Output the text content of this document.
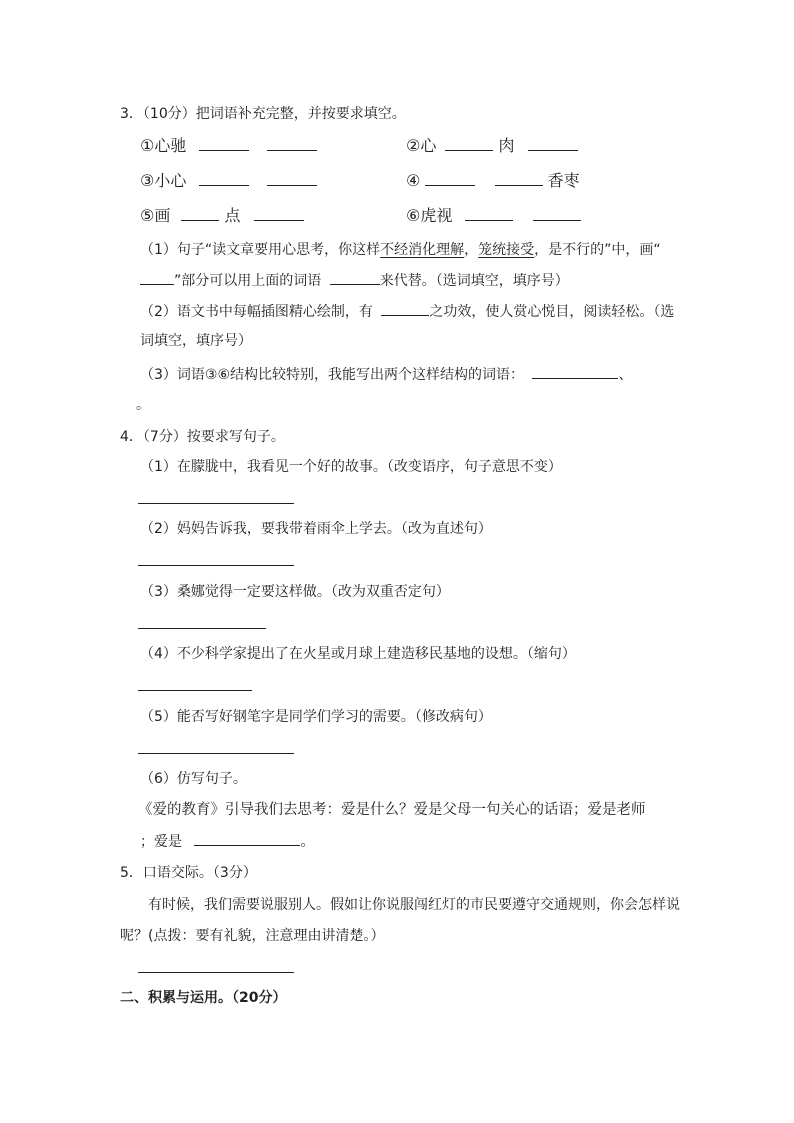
3．（10分）把词语补充完整，并按要求填空。
①心驰	②心	肉
③小心	④	香枣
⑤画	点	⑥虎视
（1）句子“读文章要用心思考，你这样不经消化理解，笼统接受，是不行的”中，画“
”部分可以用上面的词语	来代替。（选词填空，填序号）
（2）语文书中每幅插图精心绘制，有	之功效，使人赏心悦目，阅读轻松。（选
词填空，填序号）
（3）词语③⑥结构比较特别，我能写出两个这样结构的词语：	、
。
4．（7分）按要求写句子。
（1）在朦胧中，我看见一个好的故事。（改变语序，句子意思不变）
（2）妈妈告诉我，要我带着雨伞上学去。（改为直述句）
（3）桑娜觉得一定要这样做。（改为双重否定句）
（4）不少科学家提出了在火星或月球上建造移民基地的设想。（缩句）
（5）能否写好钢笔字是同学们学习的需要。（修改病句）
（6）仿写句子。
《爱的教育》引导我们去思考：爱是什么？爱是父母一句关心的话语；爱是老师
；爱是	。
5．口语交际。（3分）
有时候，我们需要说服别人。假如让你说服闯红灯的市民要遵守交通规则，你会怎样说
呢？(点拨：要有礼貌，注意理由讲清楚。）
二、积累与运用。（20分）
